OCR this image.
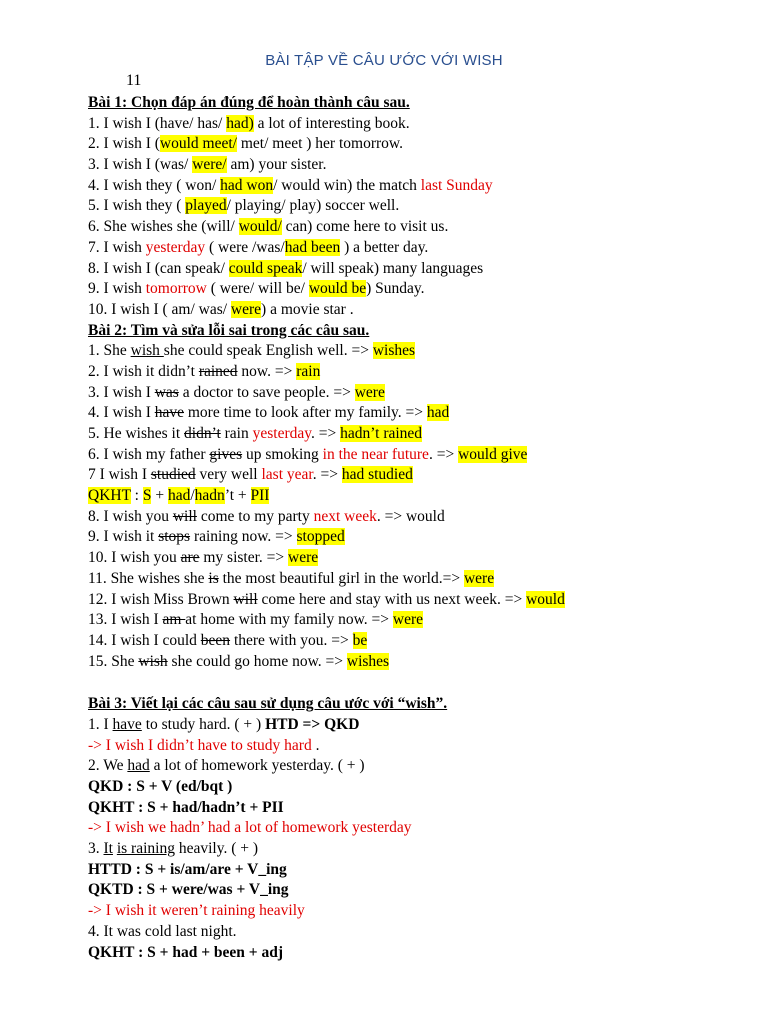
BÀI TẬP VỀ CÂU ƯỚC VỚI WISH
11
Bài 1: Chọn đáp án đúng để hoàn thành câu sau.
1. I wish I (have/ has/ had) a lot of interesting book.
2. I wish I (would meet/ met/ meet ) her tomorrow.
3. I wish I (was/ were/ am) your sister.
4. I wish they ( won/ had won/ would win) the match last Sunday
5. I wish they ( played/ playing/ play) soccer well.
6. She wishes she (will/ would/ can) come here to visit us.
7. I wish yesterday ( were /was/had been ) a better day.
8. I wish I (can speak/ could speak/ will speak) many languages
9. I wish tomorrow ( were/ will be/ would be) Sunday.
10. I wish I ( am/ was/ were) a movie star .
Bài 2: Tìm và sửa lỗi sai trong các câu sau.
1. She wish she could speak English well. => wishes
2. I wish it didn’t rained now. => rain
3. I wish I was a doctor to save people. => were
4. I wish I have more time to look after my family. => had
5. He wishes it didn’t rain yesterday. => hadn’t rained
6. I wish my father gives up smoking in the near future. => would give
7 I wish I studied very well last year. => had studied
QKHT : S + had/hadn’t + PII
8. I wish you will come to my party next week. => would
9. I wish it stops raining now. => stopped
10. I wish you are my sister. => were
11. She wishes she is the most beautiful girl in the world.=> were
12. I wish Miss Brown will come here and stay with us next week. => would
13. I wish I am at home with my family now. => were
14. I wish I could been there with you. => be
15. She wish she could go home now. => wishes
Bài 3: Viết lại các câu sau sử dụng câu ước với “wish”.
1. I have to study hard. ( + ) HTD => QKD
-> I wish I didn’t have to study hard .
2. We had a lot of homework yesterday. ( + )
QKD : S + V (ed/bqt )
QKHT : S + had/hadn’t + PII
-> I wish we hadn’ had a lot of homework yesterday
3. It is raining heavily. ( + )
HTTD : S + is/am/are + V_ing
QKTD : S + were/was + V_ing
-> I wish it weren’t raining heavily
4. It was cold last night.
QKHT : S + had + been + adj
